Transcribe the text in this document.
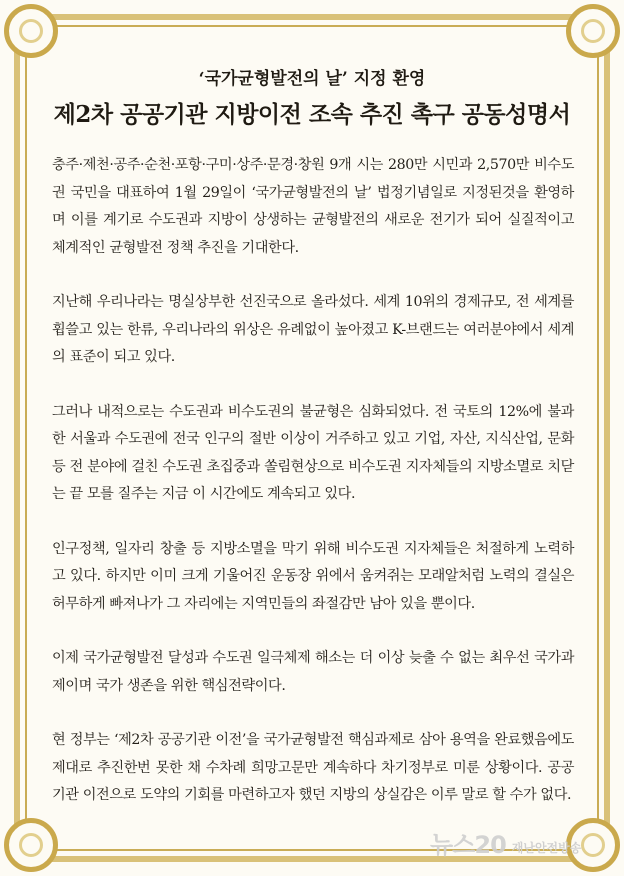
‘국가균형발전의 날’ 지정 환영
제2차 공공기관 지방이전 조속 추진 촉구 공동성명서

충주·제천·공주·순천·포항·구미·상주·문경·창원 9개 시는 280만 시민과 2,570만 비수도권 국민을 대표하여 1월 29일이 ‘국가균형발전의 날’ 법정기념일로 지정된것을 환영하며 이를 계기로 수도권과 지방이 상생하는 균형발전의 새로운 전기가 되어 실질적이고 체계적인 균형발전 정책 추진을 기대한다.

지난해 우리나라는 명실상부한 선진국으로 올라섰다. 세계 10위의 경제규모, 전 세계를 휩쓸고 있는 한류, 우리나라의 위상은 유례없이 높아졌고 K-브랜드는 여러분야에서 세계의 표준이 되고 있다.

그러나 내적으로는 수도권과 비수도권의 불균형은 심화되었다. 전 국토의 12%에 불과한 서울과 수도권에 전국 인구의 절반 이상이 거주하고 있고 기업, 자산, 지식산업, 문화 등 전 분야에 걸친 수도권 초집중과 쏠림현상으로 비수도권 지자체들의 지방소멸로 치닫는 끝 모를 질주는 지금 이 시간에도 계속되고 있다.

인구정책, 일자리 창출 등 지방소멸을 막기 위해 비수도권 지자체들은 처절하게 노력하고 있다. 하지만 이미 크게 기울어진 운동장 위에서 움켜쥐는 모래알처럼 노력의 결실은 허무하게 빠져나가 그 자리에는 지역민들의 좌절감만 남아 있을 뿐이다.

이제 국가균형발전 달성과 수도권 일극체제 해소는 더 이상 늦출 수 없는 최우선 국가과제이며 국가 생존을 위한 핵심전략이다.

현 정부는 ‘제2차 공공기관 이전’을 국가균형발전 핵심과제로 삼아 용역을 완료했음에도 제대로 추진한번 못한 채 수차례 희망고문만 계속하다 차기정부로 미룬 상황이다. 공공기관 이전으로 도약의 기회를 마련하고자 했던 지방의 상실감은 이루 말로 할 수가 없다.

뉴스20 재난안전방송
